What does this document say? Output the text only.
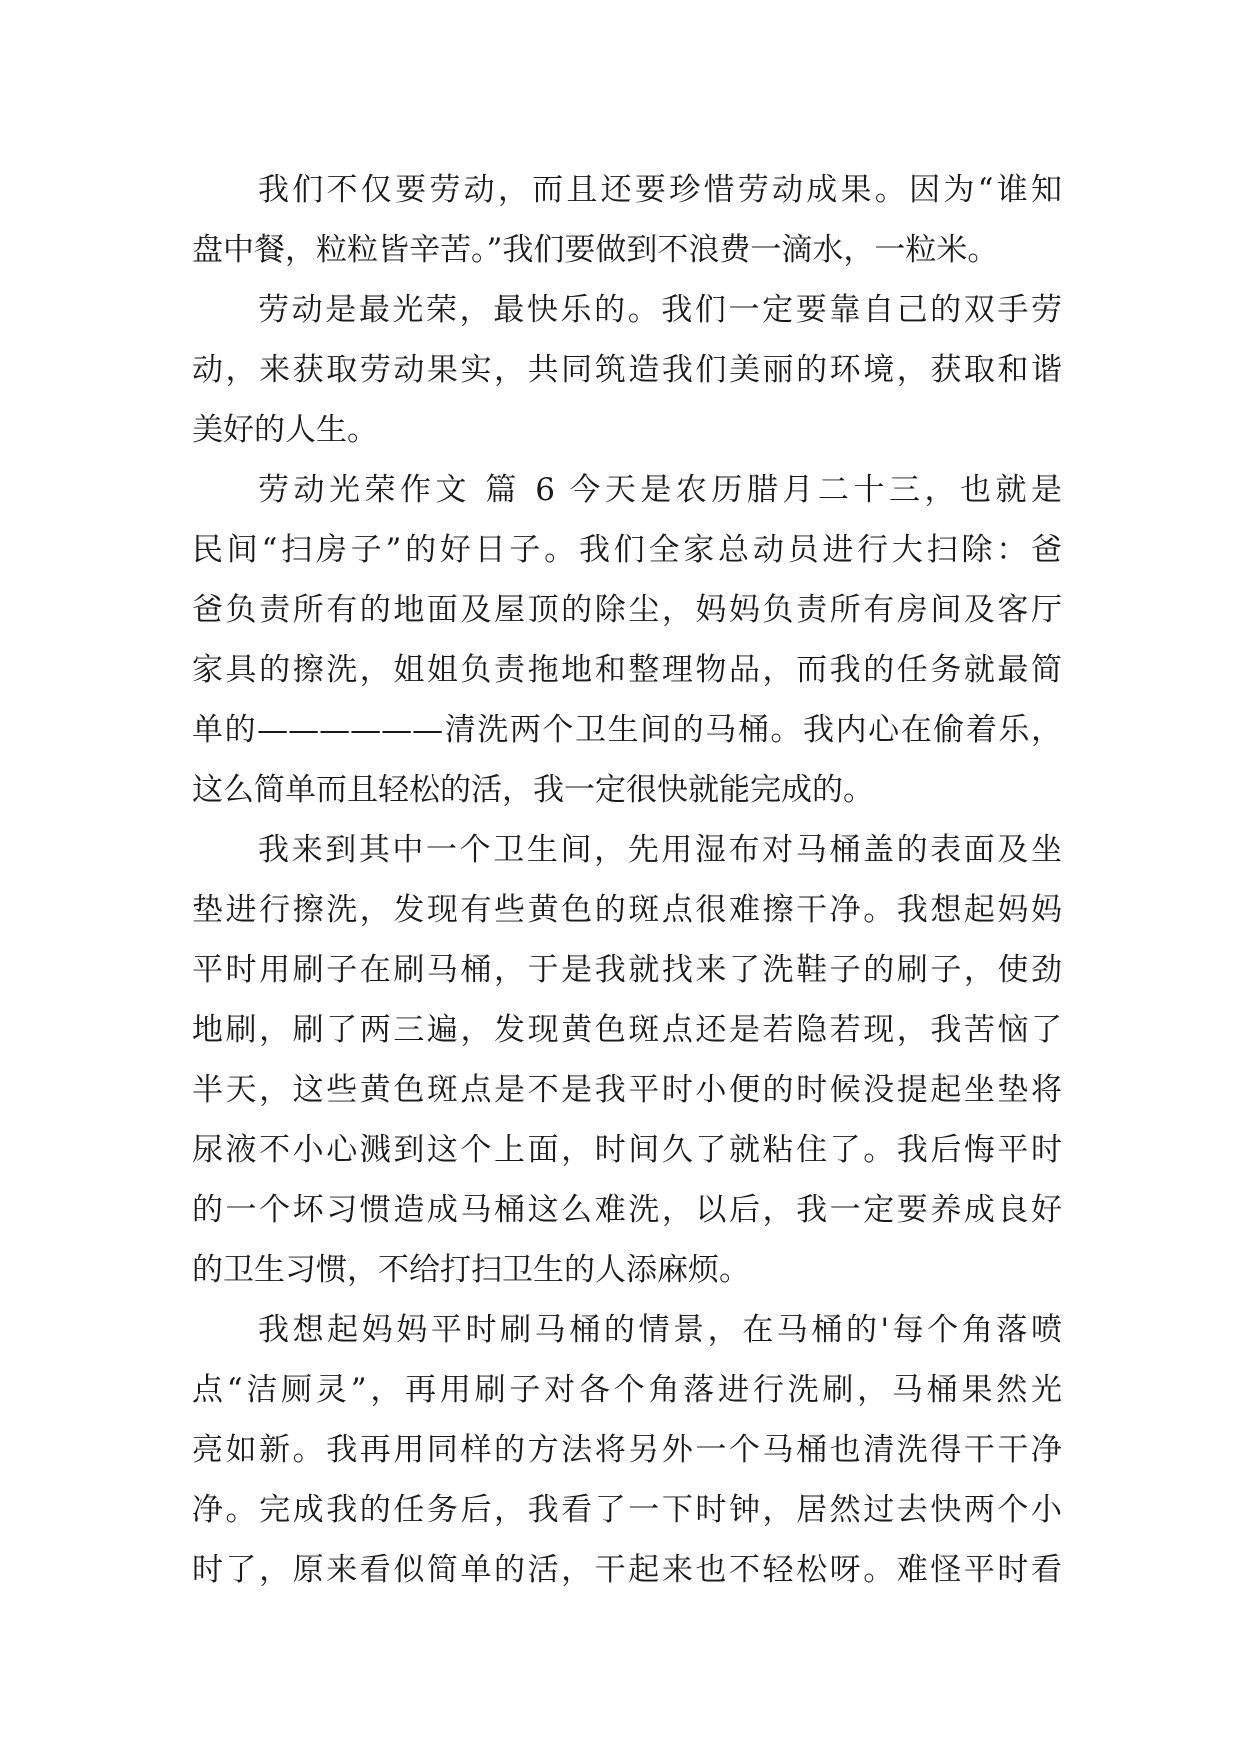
我们不仅要劳动，而且还要珍惜劳动成果。因为“谁知
盘中餐，粒粒皆辛苦。”我们要做到不浪费一滴水，一粒米。
劳动是最光荣，最快乐的。我们一定要靠自己的双手劳
动，来获取劳动果实，共同筑造我们美丽的环境，获取和谐
美好的人生。
劳动光荣作文 篇 6 今天是农历腊月二十三，也就是
民间“扫房子”的好日子。我们全家总动员进行大扫除：爸
爸负责所有的地面及屋顶的除尘，妈妈负责所有房间及客厅
家具的擦洗，姐姐负责拖地和整理物品，而我的任务就最简
单的——————清洗两个卫生间的马桶。我内心在偷着乐，
这么简单而且轻松的活，我一定很快就能完成的。
我来到其中一个卫生间，先用湿布对马桶盖的表面及坐
垫进行擦洗，发现有些黄色的斑点很难擦干净。我想起妈妈
平时用刷子在刷马桶，于是我就找来了洗鞋子的刷子，使劲
地刷，刷了两三遍，发现黄色斑点还是若隐若现，我苦恼了
半天，这些黄色斑点是不是我平时小便的时候没提起坐垫将
尿液不小心溅到这个上面，时间久了就粘住了。我后悔平时
的一个坏习惯造成马桶这么难洗，以后，我一定要养成良好
的卫生习惯，不给打扫卫生的人添麻烦。
我想起妈妈平时刷马桶的情景，在马桶的'每个角落喷
点“洁厕灵”，再用刷子对各个角落进行洗刷，马桶果然光
亮如新。我再用同样的方法将另外一个马桶也清洗得干干净
净。完成我的任务后，我看了一下时钟，居然过去快两个小
时了，原来看似简单的活，干起来也不轻松呀。难怪平时看
